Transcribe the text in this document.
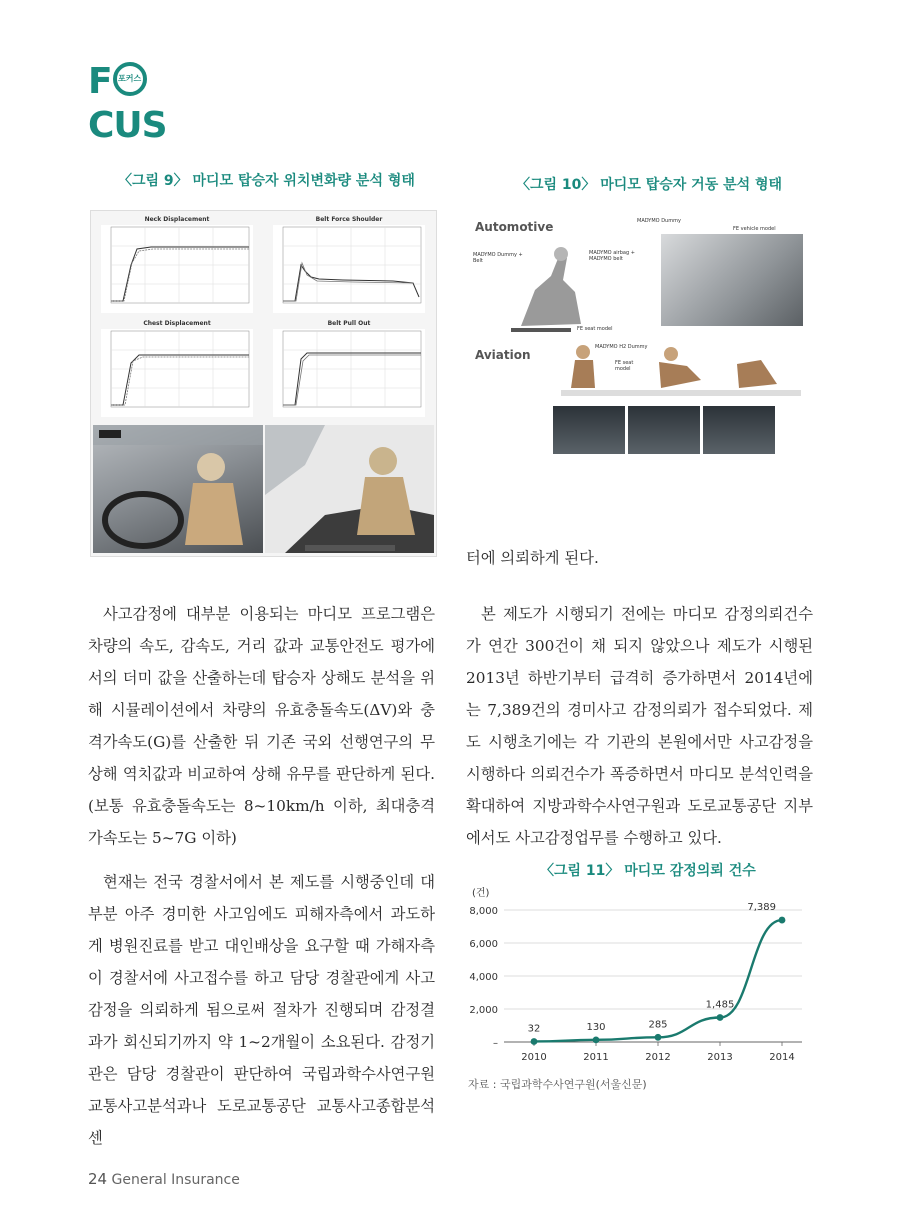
F 포커스
CUS
〈그림 9〉 마디모 탑승자 위치변화량 분석 형태
Neck Displacement	Belt Force Shoulder
Chest Displacement	Belt Pull Out
〈그림 10〉 마디모 탑승자 거동 분석 형태
Automotive	MADYMO Dummy
FE vehicle model
MADYMO Dummy + Belt
MADYMO airbag + MADYMO belt
FE seat model
Aviation
MADYMO H2 Dummy
FE seat model
사고감정에 대부분 이용되는 마디모 프로그램은 차량의 속도, 감속도, 거리 값과 교통안전도 평가에서의 더미 값을 산출하는데 탑승자 상해도 분석을 위해 시뮬레이션에서 차량의 유효충돌속도(ΔV)와 충격가속도(G)를 산출한 뒤 기존 국외 선행연구의 무상해 역치값과 비교하여 상해 유무를 판단하게 된다.(보통 유효충돌속도는 8~10km/h 이하, 최대충격가속도는 5~7G 이하)
현재는 전국 경찰서에서 본 제도를 시행중인데 대부분 아주 경미한 사고임에도 피해자측에서 과도하게 병원진료를 받고 대인배상을 요구할 때 가해자측이 경찰서에 사고접수를 하고 담당 경찰관에게 사고감정을 의뢰하게 됨으로써 절차가 진행되며 감정결과가 회신되기까지 약 1~2개월이 소요된다. 감정기관은 담당 경찰관이 판단하여 국립과학수사연구원 교통사고분석과나 도로교통공단 교통사고종합분석센
터에 의뢰하게 된다.
본 제도가 시행되기 전에는 마디모 감정의뢰건수가 연간 300건이 채 되지 않았으나 제도가 시행된 2013년 하반기부터 급격히 증가하면서 2014년에는 7,389건의 경미사고 감정의뢰가 접수되었다. 제도 시행초기에는 각 기관의 본원에서만 사고감정을 시행하다 의뢰건수가 폭증하면서 마디모 분석인력을 확대하여 지방과학수사연구원과 도로교통공단 지부에서도 사고감정업무를 수행하고 있다.
〈그림 11〉 마디모 감정의뢰 건수
(건)
–
2,000
4,000
6,000
8,000
2010	2011	2012	2013	2014
32	130	285
1,485
7,389
자료 : 국립과학수사연구원(서울신문)
24 General Insurance
